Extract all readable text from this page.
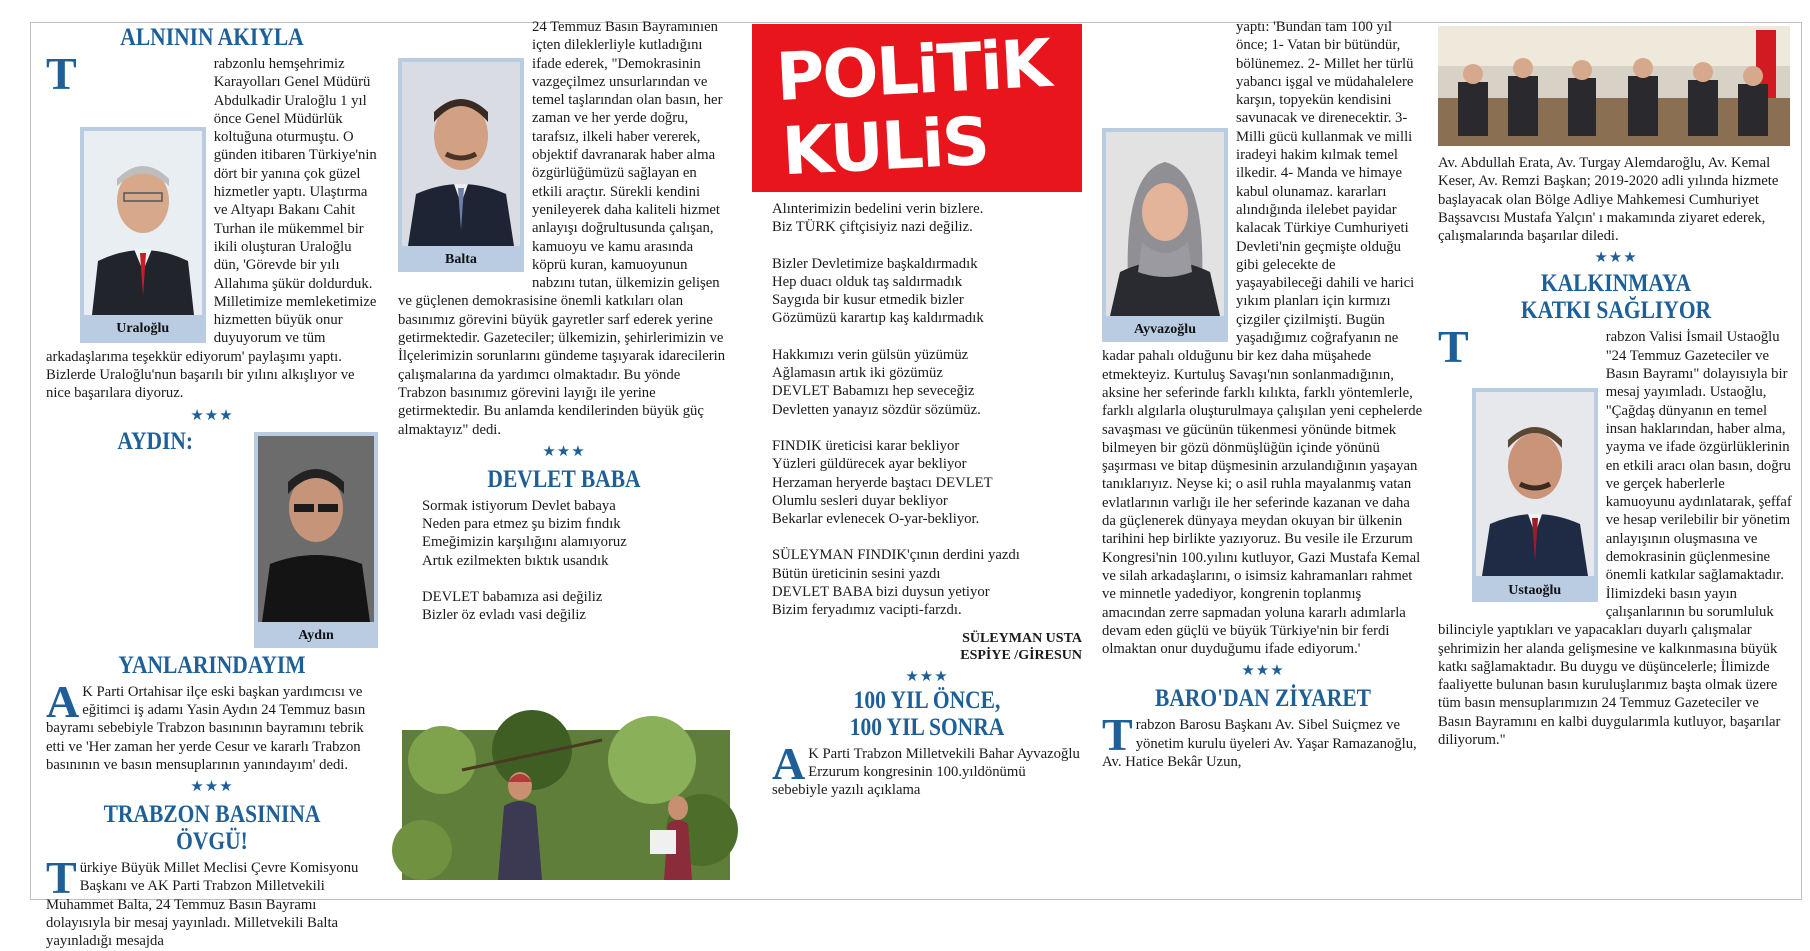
ALNININ AKIYLA

T
Uraloğlu
rabzonlu hemşehrimiz Karayolları Genel Müdürü Abdulkadir Uraloğlu 1 yıl önce Genel Müdürlük koltuğuna oturmuştu. O günden itibaren Türkiye'nin dört bir yanına çok güzel hizmetler yaptı. Ulaştırma ve Altyapı Bakanı Cahit Turhan ile mükemmel bir ikili oluşturan Uraloğlu dün, 'Görevde bir yılı Allahıma şükür doldurduk. Milletimize memleketimize hizmetten büyük onur duyuyorum ve tüm arkadaşlarıma teşekkür ediyorum' paylaşımı yaptı. Bizlerde Uraloğlu'nun başarılı bir yılını alkışlıyor ve nice başarılara diyoruz.

★★★
Aydın
AYDIN:
YANLARINDAYIM

A K Parti Ortahisar ilçe eski başkan yardımcısı ve eğitimci iş adamı Yasin Aydın 24 Temmuz basın bayramı sebebiyle Trabzon basınının bayramını tebrik etti ve 'Her zaman her yerde Cesur ve kararlı Trabzon basınının ve basın mensuplarının yanındayım' dedi.

★★★
TRABZON BASININA ÖVGÜ!

T ürkiye Büyük Millet Meclisi Çevre Komisyonu Başkanı ve AK Parti Trabzon Milletvekili Muhammet Balta, 24 Temmuz Basın Bayramı dolayısıyla bir mesaj yayınladı. Milletvekili Balta yayınladığı mesajda

Balta

24 Temmuz Basın Bayramınıen içten dileklerliyle kutladığını ifade ederek, "Demokrasinin vazgeçilmez unsurlarından ve temel taşlarından olan basın, her zaman ve her yerde doğru, tarafsız, ilkeli haber vererek, objektif davranarak haber alma özgürlüğümüzü sağlayan en etkili araçtır. Sürekli kendini yenileyerek daha kaliteli hizmet anlayışı doğrultusunda çalışan, kamuoyu ve kamu arasında köprü kuran, kamuoyunun nabzını tutan, ülkemizin gelişen ve güçlenen demokrasisine önemli katkıları olan basınımız görevini büyük gayretler sarf ederek yerine getirmektedir. Gazeteciler; ülkemizin, şehirlerimizin ve İlçelerimizin sorunlarını gündeme taşıyarak idarecilerin çalışmalarına da yardımcı olmaktadır. Bu yönde Trabzon basınımız görevini layığı ile yerine getirmektedir. Bu anlamda kendilerinden büyük güç almaktayız" dedi.

★★★
DEVLET BABA

Sormak istiyorum Devlet babaya

Neden para etmez şu bizim fındık

Emeğimizin karşılığını alamıyoruz

Artık ezilmekten bıktık usandık

DEVLET babamıza asi değiliz

Bizler öz evladı vasi değiliz

POLiTiK
KULiS

Alınterimizin bedelini verin bizlere.

Biz TÜRK çiftçisiyiz nazi değiliz.

Bizler Devletimize başkaldırmadık

Hep duacı olduk taş saldırmadık

Saygıda bir kusur etmedik bizler

Gözümüzü karartıp kaş kaldırmadık

Hakkımızı verin gülsün yüzümüz

Ağlamasın artık iki gözümüz

DEVLET Babamızı hep seveceğiz

Devletten yanayız sözdür sözümüz.

FINDIK üreticisi karar bekliyor

Yüzleri güldürecek ayar bekliyor

Herzaman heryerde baştacı DEVLET

Olumlu sesleri duyar bekliyor

Bekarlar evlenecek O-yar-bekliyor.

SÜLEYMAN FINDIK'çının derdini yazdı

Bütün üreticinin sesini yazdı

DEVLET BABA bizi duysun yetiyor

Bizim feryadımız vacipti-farzdı.

SÜLEYMAN USTA
ESPİYE /GİRESUN
★★★
100 YIL ÖNCE,
100 YIL SONRA

A K Parti Trabzon Milletvekili Bahar Ayvazoğlu Erzurum kongresinin 100.yıldönümü sebebiyle yazılı açıklama

Ayvazoğlu
yaptı: 'Bundan tam 100 yıl önce; 1- Vatan bir bütündür, bölünemez. 2- Millet her türlü yabancı işgal ve müdahalelere karşın, topyekün kendisini savunacak ve direnecektir. 3- Milli gücü kullanmak ve milli iradeyi hakim kılmak temel ilkedir. 4- Manda ve himaye kabul olunamaz. kararları alındığında ilelebet payidar kalacak Türkiye Cumhuriyeti Devleti'nin geçmişte olduğu gibi gelecekte de yaşayabileceği dahili ve harici yıkım planları için kırmızı çizgiler çizilmişti. Bugün yaşadığımız coğrafyanın ne kadar pahalı olduğunu bir kez daha müşahede etmekteyiz. Kurtuluş Savaşı'nın sonlanmadığının, aksine her seferinde farklı kılıkta, farklı yöntemlerle, farklı algılarla oluşturulmaya çalışılan yeni cephelerde savaşması ve gücünün tükenmesi yönünde bitmek bilmeyen bir gözü dönmüşlüğün içinde yönünü şaşırması ve bitap düşmesinin arzulandığının yaşayan tanıklarıyız. Neyse ki; o asil ruhla mayalanmış vatan evlatlarının varlığı ile her seferinde kazanan ve daha da güçlenerek dünyaya meydan okuyan bir ülkenin tarihini hep birlikte yazıyoruz. Bu vesile ile Erzurum Kongresi'nin 100.yılını kutluyor, Gazi Mustafa Kemal ve silah arkadaşlarını, o isimsiz kahramanları rahmet ve minnetle yadediyor, kongrenin toplanmış amacından zerre sapmadan yoluna kararlı adımlarla devam eden güçlü ve büyük Türkiye'nin bir ferdi olmaktan onur duyduğumu ifade ediyorum.'

★★★
BARO'DAN ZİYARET

T rabzon Barosu Başkanı Av. Sibel Suiçmez ve yönetim kurulu üyeleri Av. Yaşar Ramazanoğlu, Av. Hatice Bekâr Uzun,

Av. Abdullah Erata, Av. Turgay Alemdaroğlu, Av. Kemal Keser, Av. Remzi Başkan; 2019-2020 adli yılında hizmete başlayacak olan Bölge Adliye Mahkemesi Cumhuriyet Başsavcısı Mustafa Yalçın' ı makamında ziyaret ederek, çalışmalarında başarılar diledi.

★★★
KALKINMAYA
KATKI SAĞLIYOR

T
Ustaoğlu
rabzon Valisi İsmail Ustaoğlu "24 Temmuz Gazeteciler ve Basın Bayramı" dolayısıyla bir mesaj yayımladı. Ustaoğlu, "Çağdaş dünyanın en temel insan haklarından, haber alma, yayma ve ifade özgürlüklerinin en etkili aracı olan basın, doğru ve gerçek haberlerle kamuoyunu aydınlatarak, şeffaf ve hesap verilebilir bir yönetim anlayışının oluşmasına ve demokrasinin güçlenmesine önemli katkılar sağlamaktadır. İlimizdeki basın yayın çalışanlarının bu sorumluluk bilinciyle yaptıkları ve yapacakları duyarlı çalışmalar şehrimizin her alanda gelişmesine ve kalkınmasına büyük katkı sağlamaktadır. Bu duygu ve düşüncelerle; İlimizde faaliyette bulunan basın kuruluşlarımız başta olmak üzere tüm basın mensuplarımızın 24 Temmuz Gazeteciler ve Basın Bayramını en kalbi duygularımla kutluyor, başarılar diliyorum."
